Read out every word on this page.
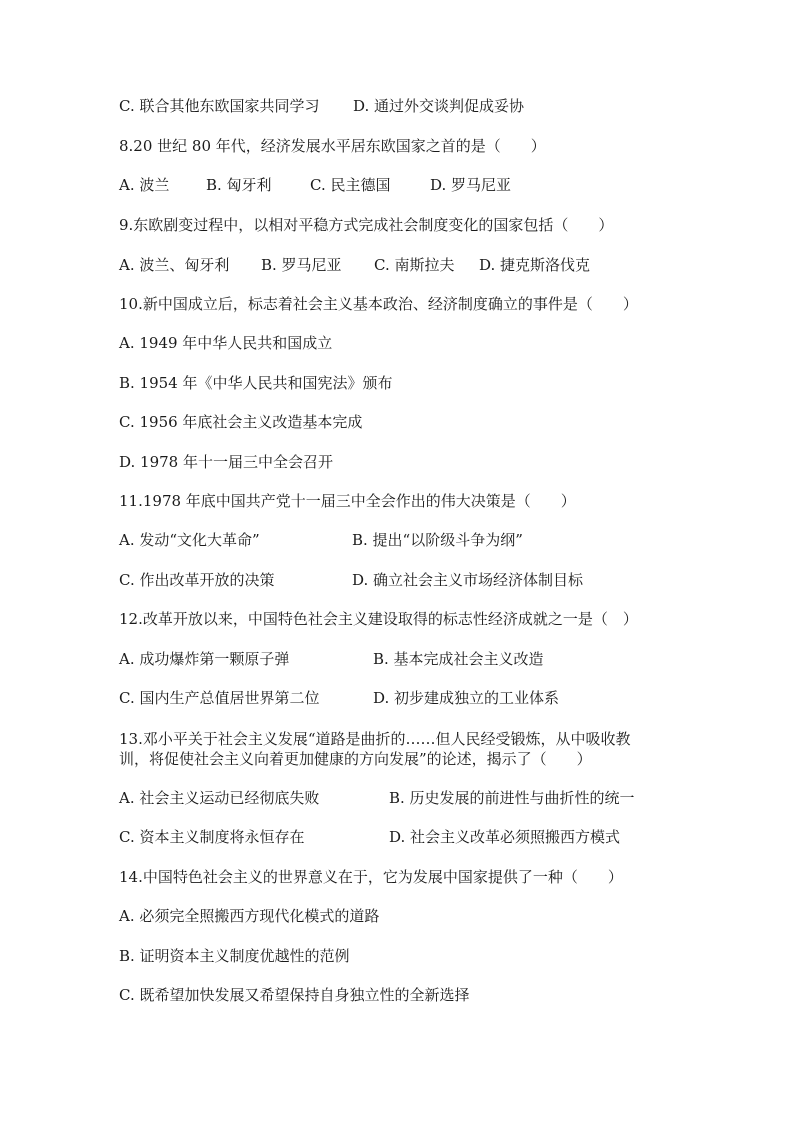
C. 联合其他东欧国家共同学习 D. 通过外交谈判促成妥协
8.20 世纪 80 年代，经济发展水平居东欧国家之首的是（　　）
A. 波兰 B. 匈牙利	C. 民主德国	D. 罗马尼亚
9.东欧剧变过程中，以相对平稳方式完成社会制度变化的国家包括（　　）
A. 波兰、匈牙利 B. 罗马尼亚 C. 南斯拉夫 D. 捷克斯洛伐克
10.新中国成立后，标志着社会主义基本政治、经济制度确立的事件是（　　）
A. 1949 年中华人民共和国成立
B. 1954 年《中华人民共和国宪法》颁布
C. 1956 年底社会主义改造基本完成
D. 1978 年十一届三中全会召开
11.1978 年底中国共产党十一届三中全会作出的伟大决策是（　　）
A. 发动“文化大革命”	B. 提出“以阶级斗争为纲”
C. 作出改革开放的决策	D. 确立社会主义市场经济体制目标
12.改革开放以来，中国特色社会主义建设取得的标志性经济成就之一是（　）
A. 成功爆炸第一颗原子弹	B. 基本完成社会主义改造
C. 国内生产总值居世界第二位	D. 初步建成独立的工业体系
13.邓小平关于社会主义发展“道路是曲折的……但人民经受锻炼，从中吸收教
训，将促使社会主义向着更加健康的方向发展”的论述，揭示了（　　）
A. 社会主义运动已经彻底失败	B. 历史发展的前进性与曲折性的统一
C. 资本主义制度将永恒存在	D. 社会主义改革必须照搬西方模式
14.中国特色社会主义的世界意义在于，它为发展中国家提供了一种（　　）
A. 必须完全照搬西方现代化模式的道路
B. 证明资本主义制度优越性的范例
C. 既希望加快发展又希望保持自身独立性的全新选择
